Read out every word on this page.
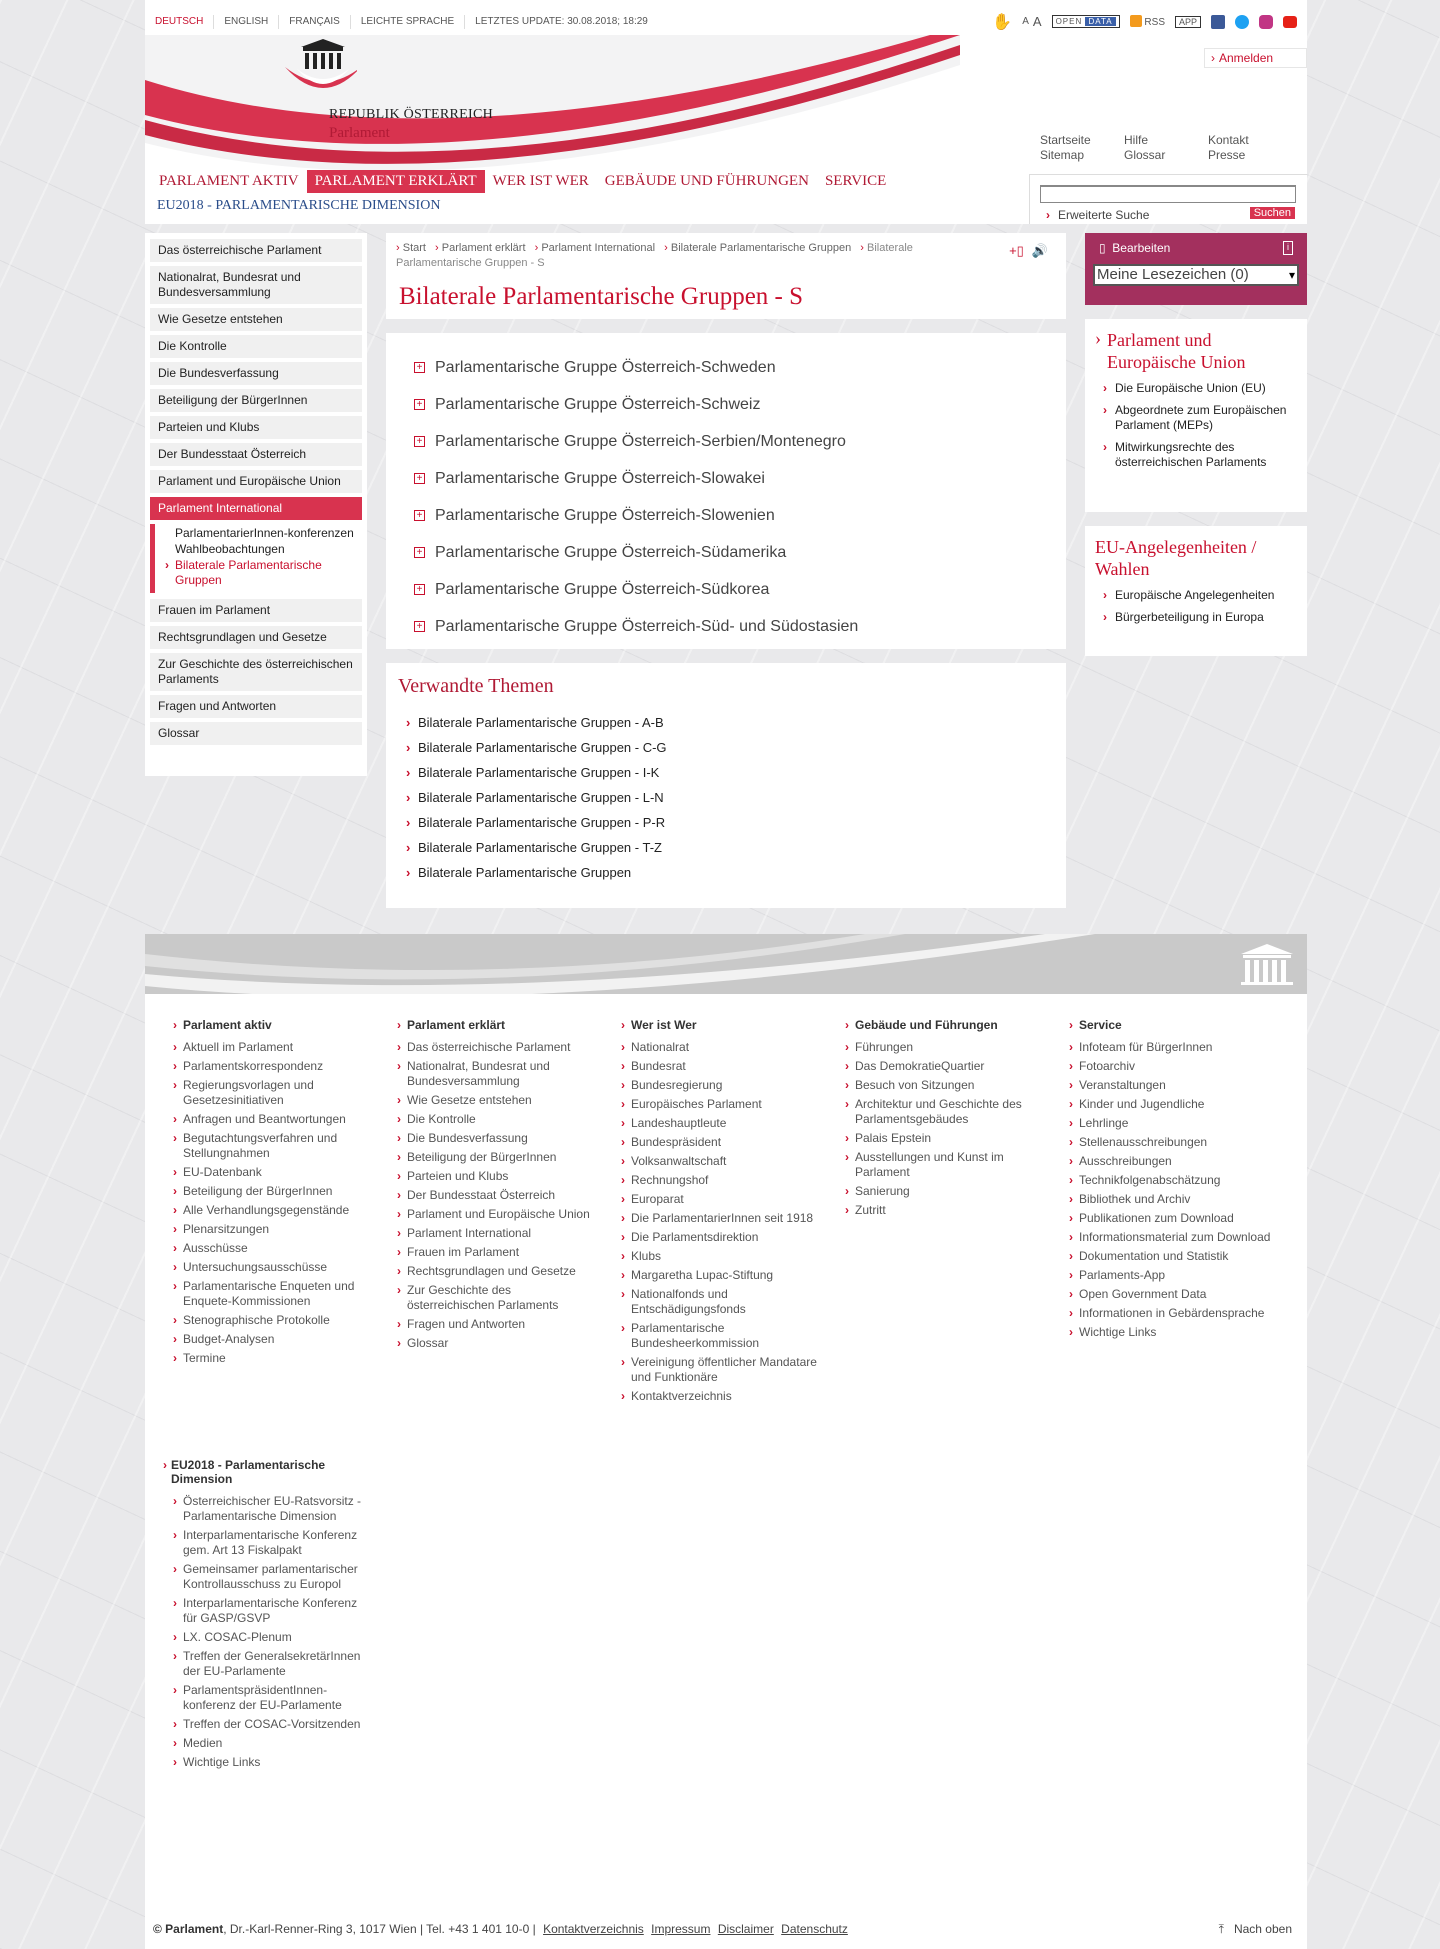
DEUTSCH	ENGLISH	FRANÇAIS	LEICHTE SPRACHE	LETZTES UPDATE: 30.08.2018; 18:29	✋ A A	OPEN DATA	RSS	APP
REPUBLIK ÖSTERREICH
Parlament
› Anmelden
Startseite	Hilfe	Kontakt
Sitemap	Glossar	Presse
PARLAMENT AKTIV	PARLAMENT ERKLÄRT	WER IST WER	GEBÄUDE UND FÜHRUNGEN	SERVICE
EU2018 - PARLAMENTARISCHE DIMENSION
› Erweiterte Suche	Suchen
Das österreichische Parlament
Nationalrat, Bundesrat und Bundesversammlung
Wie Gesetze entstehen
Die Kontrolle
Die Bundesverfassung
Beteiligung der BürgerInnen
Parteien und Klubs
Der Bundesstaat Österreich
Parlament und Europäische Union
Parlament International
ParlamentarierInnen-konferenzen
Wahlbeobachtungen
› Bilaterale Parlamentarische Gruppen
Frauen im Parlament
Rechtsgrundlagen und Gesetze
Zur Geschichte des österreichischen Parlaments
Fragen und Antworten
Glossar
› Start › Parlament erklärt › Parlament International › Bilaterale Parlamentarische Gruppen › Bilaterale Parlamentarische Gruppen - S
+▯ 🔊
Bilaterale Parlamentarische Gruppen - S
+ Parlamentarische Gruppe Österreich-Schweden
+ Parlamentarische Gruppe Österreich-Schweiz
+ Parlamentarische Gruppe Österreich-Serbien/Montenegro
+ Parlamentarische Gruppe Österreich-Slowakei
+ Parlamentarische Gruppe Österreich-Slowenien
+ Parlamentarische Gruppe Österreich-Südamerika
+ Parlamentarische Gruppe Österreich-Südkorea
+ Parlamentarische Gruppe Österreich-Süd- und Südostasien
Verwandte Themen
› Bilaterale Parlamentarische Gruppen - A-B
› Bilaterale Parlamentarische Gruppen - C-G
› Bilaterale Parlamentarische Gruppen - I-K
› Bilaterale Parlamentarische Gruppen - L-N
› Bilaterale Parlamentarische Gruppen - P-R
› Bilaterale Parlamentarische Gruppen - T-Z
› Bilaterale Parlamentarische Gruppen
▯ Bearbeiten	i
Meine Lesezeichen (0) ▾
› Parlament und Europäische Union
› Die Europäische Union (EU)
› Abgeordnete zum Europäischen Parlament (MEPs)
› Mitwirkungsrechte des österreichischen Parlaments
EU-Angelegenheiten / Wahlen
› Europäische Angelegenheiten
› Bürgerbeteiligung in Europa
› Parlament aktiv
› Aktuell im Parlament
› Parlamentskorrespondenz
› Regierungsvorlagen und Gesetzesinitiativen
› Anfragen und Beantwortungen
› Begutachtungsverfahren und Stellungnahmen
› EU-Datenbank
› Beteiligung der BürgerInnen
› Alle Verhandlungsgegenstände
› Plenarsitzungen
› Ausschüsse
› Untersuchungsausschüsse
› Parlamentarische Enqueten und Enquete-Kommissionen
› Stenographische Protokolle
› Budget-Analysen
› Termine
› Parlament erklärt
› Das österreichische Parlament
› Nationalrat, Bundesrat und Bundesversammlung
› Wie Gesetze entstehen
› Die Kontrolle
› Die Bundesverfassung
› Beteiligung der BürgerInnen
› Parteien und Klubs
› Der Bundesstaat Österreich
› Parlament und Europäische Union
› Parlament International
› Frauen im Parlament
› Rechtsgrundlagen und Gesetze
› Zur Geschichte des österreichischen Parlaments
› Fragen und Antworten
› Glossar
› Wer ist Wer
› Nationalrat
› Bundesrat
› Bundesregierung
› Europäisches Parlament
› Landeshauptleute
› Bundespräsident
› Volksanwaltschaft
› Rechnungshof
› Europarat
› Die ParlamentarierInnen seit 1918
› Die Parlamentsdirektion
› Klubs
› Margaretha Lupac-Stiftung
› Nationalfonds und Entschädigungsfonds
› Parlamentarische Bundesheerkommission
› Vereinigung öffentlicher Mandatare und Funktionäre
› Kontaktverzeichnis
› Gebäude und Führungen
› Führungen
› Das DemokratieQuartier
› Besuch von Sitzungen
› Architektur und Geschichte des Parlamentsgebäudes
› Palais Epstein
› Ausstellungen und Kunst im Parlament
› Sanierung
› Zutritt
› Service
› Infoteam für BürgerInnen
› Fotoarchiv
› Veranstaltungen
› Kinder und Jugendliche
› Lehrlinge
› Stellenausschreibungen
› Ausschreibungen
› Technikfolgenabschätzung
› Bibliothek und Archiv
› Publikationen zum Download
› Informationsmaterial zum Download
› Dokumentation und Statistik
› Parlaments-App
› Open Government Data
› Informationen in Gebärdensprache
› Wichtige Links
› EU2018 - Parlamentarische Dimension
› Österreichischer EU-Ratsvorsitz - Parlamentarische Dimension
› Interparlamentarische Konferenz gem. Art 13 Fiskalpakt
› Gemeinsamer parlamentarischer Kontrollausschuss zu Europol
› Interparlamentarische Konferenz für GASP/GSVP
› LX. COSAC-Plenum
› Treffen der GeneralsekretärInnen der EU-Parlamente
› ParlamentspräsidentInnen-konferenz der EU-Parlamente
› Treffen der COSAC-Vorsitzenden
› Medien
› Wichtige Links
© Parlament, Dr.-Karl-Renner-Ring 3, 1017 Wien | Tel. +43 1 401 10-0 | Kontaktverzeichnis Impressum Disclaimer Datenschutz	⤒ Nach oben
